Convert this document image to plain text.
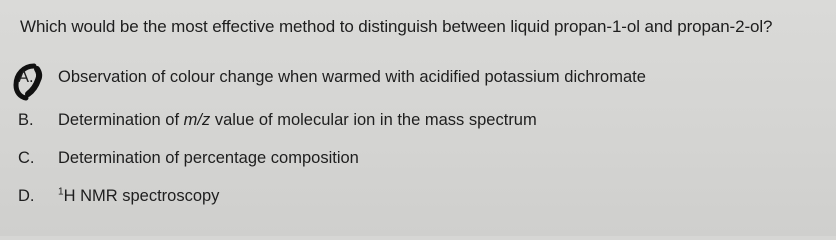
Which would be the most effective method to distinguish between liquid propan-1-ol and propan-2-ol?
A.	Observation of colour change when warmed with acidified potassium dichromate
B.	Determination of m/z value of molecular ion in the mass spectrum
C.	Determination of percentage composition
D.	$^1$H NMR spectroscopy
